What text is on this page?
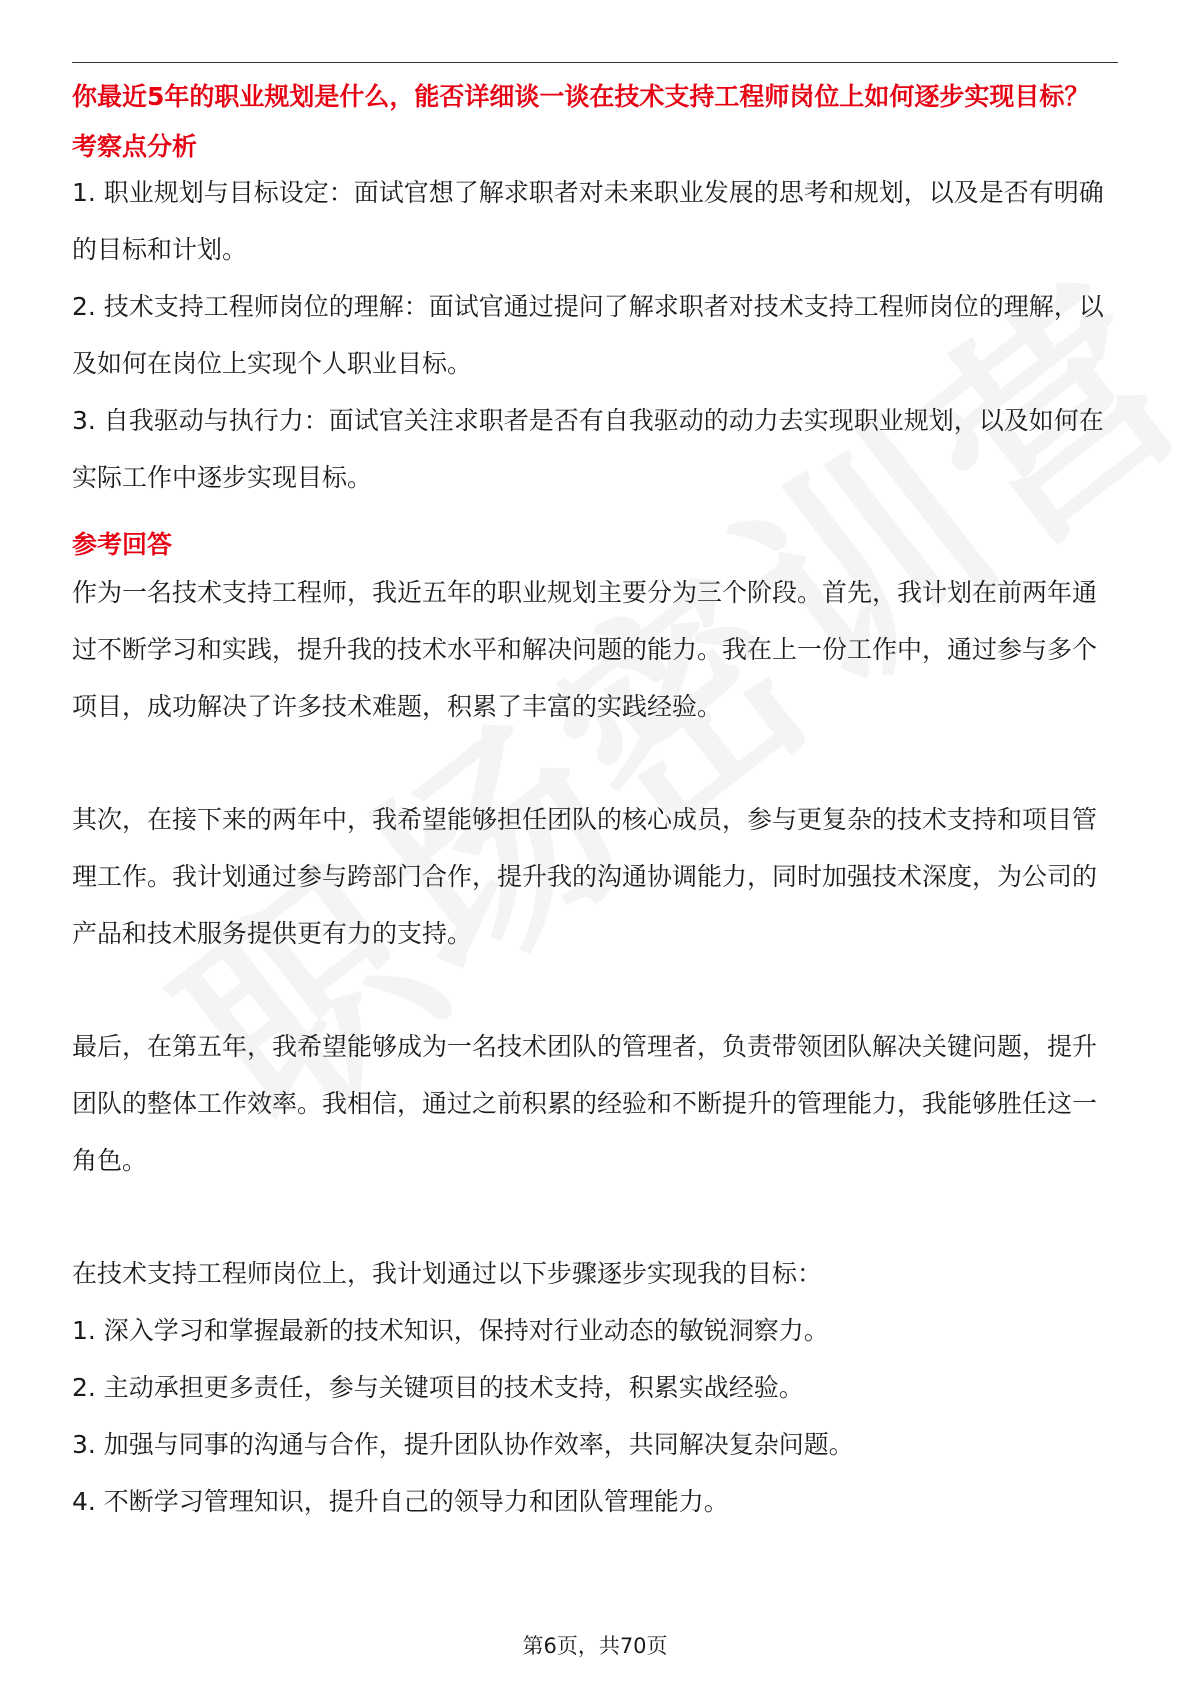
你最近5年的职业规划是什么，能否详细谈一谈在技术支持工程师岗位上如何逐步实现目标？

考察点分析

1. 职业规划与目标设定：面试官想了解求职者对未来职业发展的思考和规划，以及是否有明确的目标和计划。

2. 技术支持工程师岗位的理解：面试官通过提问了解求职者对技术支持工程师岗位的理解，以及如何在岗位上实现个人职业目标。

3. 自我驱动与执行力：面试官关注求职者是否有自我驱动的动力去实现职业规划，以及如何在实际工作中逐步实现目标。

参考回答

作为一名技术支持工程师，我近五年的职业规划主要分为三个阶段。首先，我计划在前两年通过不断学习和实践，提升我的技术水平和解决问题的能力。我在上一份工作中，通过参与多个项目，成功解决了许多技术难题，积累了丰富的实践经验。

其次，在接下来的两年中，我希望能够担任团队的核心成员，参与更复杂的技术支持和项目管理工作。我计划通过参与跨部门合作，提升我的沟通协调能力，同时加强技术深度，为公司的产品和技术服务提供更有力的支持。

最后，在第五年，我希望能够成为一名技术团队的管理者，负责带领团队解决关键问题，提升团队的整体工作效率。我相信，通过之前积累的经验和不断提升的管理能力，我能够胜任这一角色。

在技术支持工程师岗位上，我计划通过以下步骤逐步实现我的目标：

1. 深入学习和掌握最新的技术知识，保持对行业动态的敏锐洞察力。

2. 主动承担更多责任，参与关键项目的技术支持，积累实战经验。

3. 加强与同事的沟通与合作，提升团队协作效率，共同解决复杂问题。

4. 不断学习管理知识，提升自己的领导力和团队管理能力。

第6页，共70页
